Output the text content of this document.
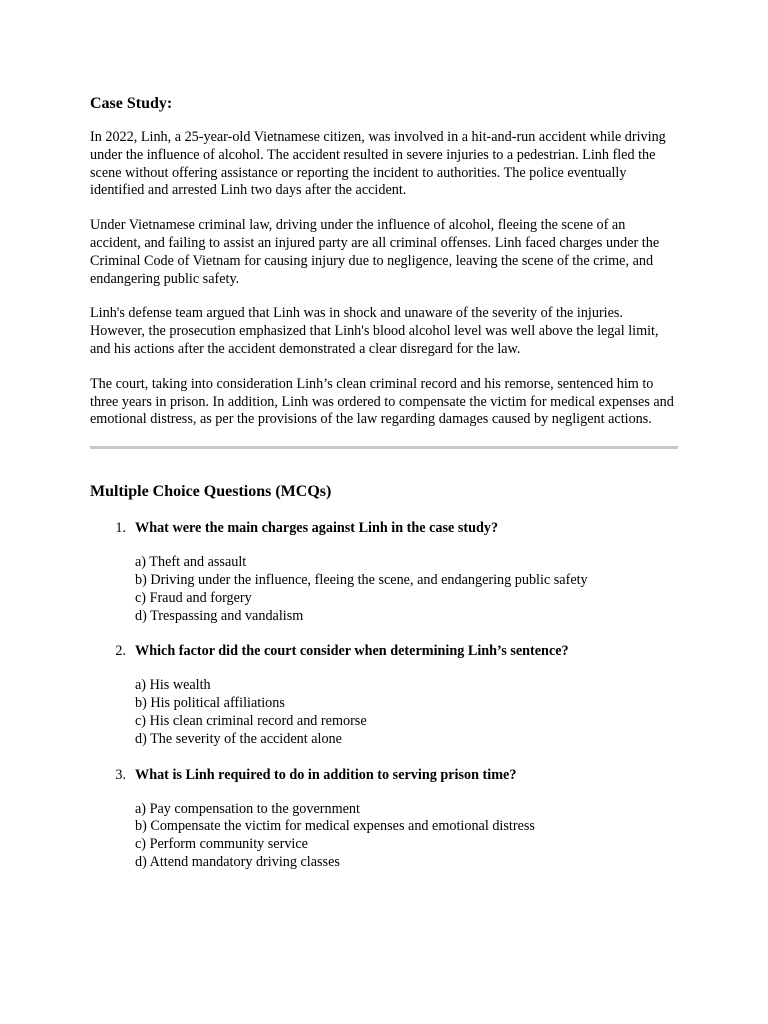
Case Study:

In 2022, Linh, a 25-year-old Vietnamese citizen, was involved in a hit-and-run accident while driving under the influence of alcohol. The accident resulted in severe injuries to a pedestrian. Linh fled the scene without offering assistance or reporting the incident to authorities. The police eventually identified and arrested Linh two days after the accident.

Under Vietnamese criminal law, driving under the influence of alcohol, fleeing the scene of an accident, and failing to assist an injured party are all criminal offenses. Linh faced charges under the Criminal Code of Vietnam for causing injury due to negligence, leaving the scene of the crime, and endangering public safety.

Linh's defense team argued that Linh was in shock and unaware of the severity of the injuries. However, the prosecution emphasized that Linh's blood alcohol level was well above the legal limit, and his actions after the accident demonstrated a clear disregard for the law.

The court, taking into consideration Linh’s clean criminal record and his remorse, sentenced him to three years in prison. In addition, Linh was ordered to compensate the victim for medical expenses and emotional distress, as per the provisions of the law regarding damages caused by negligent actions.

Multiple Choice Questions (MCQs)
1. What were the main charges against Linh in the case study?
a) Theft and assault
b) Driving under the influence, fleeing the scene, and endangering public safety
c) Fraud and forgery
d) Trespassing and vandalism
2. Which factor did the court consider when determining Linh’s sentence?
a) His wealth
b) His political affiliations
c) His clean criminal record and remorse
d) The severity of the accident alone
3. What is Linh required to do in addition to serving prison time?
a) Pay compensation to the government
b) Compensate the victim for medical expenses and emotional distress
c) Perform community service
d) Attend mandatory driving classes
